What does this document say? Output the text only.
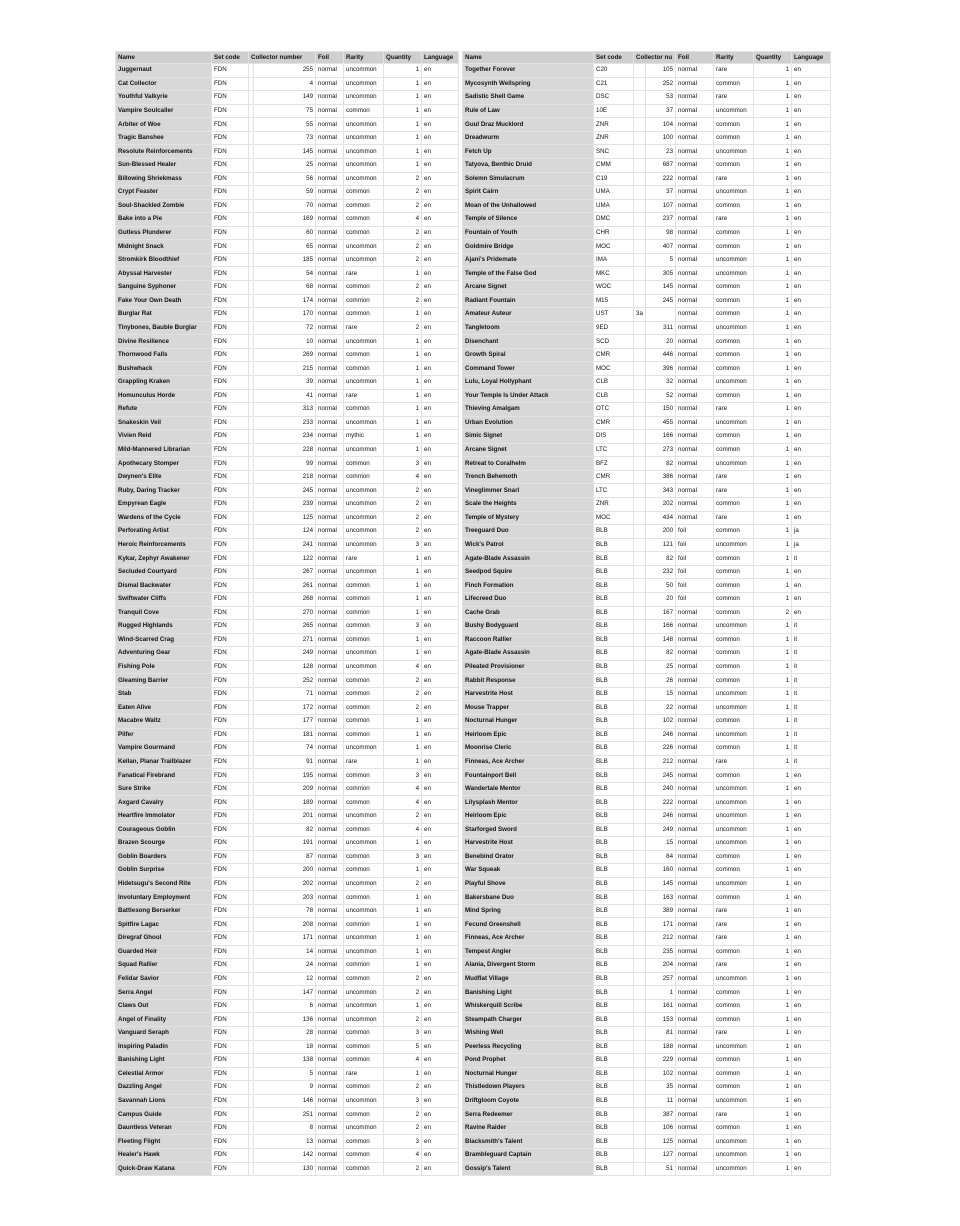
Name	Set code	Collector number		Foil	Rarity	Quantity	Language		Name	Set code	Collector nu		Foil	Rarity	Quantity	Language
Juggernaut	FDN		255	normal	uncommon	1	en		Together Forever	C20		105	normal	rare	1	en
Cat Collector	FDN		4	normal	uncommon	1	en		Mycosynth Wellspring	C21		252	normal	common	1	en
Youthful Valkyrie	FDN		149	normal	uncommon	1	en		Sadistic Shell Game	DSC		53	normal	rare	1	en
Vampire Soulcaller	FDN		75	normal	common	1	en		Rule of Law	10E		37	normal	uncommon	1	en
Arbiter of Woe	FDN		55	normal	uncommon	1	en		Guul Draz Mucklord	ZNR		104	normal	common	1	en
Tragic Banshee	FDN		73	normal	uncommon	1	en		Dreadwurm	ZNR		100	normal	common	1	en
Resolute Reinforcements	FDN		145	normal	uncommon	1	en		Fetch Up	SNC		23	normal	uncommon	1	en
Sun-Blessed Healer	FDN		25	normal	uncommon	1	en		Tatyova, Benthic Druid	CMM		687	normal	common	1	en
Billowing Shriekmass	FDN		56	normal	uncommon	2	en		Solemn Simulacrum	C19		222	normal	rare	1	en
Crypt Feaster	FDN		59	normal	common	2	en		Spirit Cairn	UMA		37	normal	uncommon	1	en
Soul-Shackled Zombie	FDN		70	normal	common	2	en		Moan of the Unhallowed	UMA		107	normal	common	1	en
Bake into a Pie	FDN		169	normal	common	4	en		Temple of Silence	DMC		237	normal	rare	1	en
Gutless Plunderer	FDN		60	normal	common	2	en		Fountain of Youth	CHR		98	normal	common	1	en
Midnight Snack	FDN		65	normal	uncommon	2	en		Goldmire Bridge	MOC		407	normal	common	1	en
Stromkirk Bloodthief	FDN		185	normal	uncommon	2	en		Ajani's Pridemate	IMA		5	normal	uncommon	1	en
Abyssal Harvester	FDN		54	normal	rare	1	en		Temple of the False God	MKC		305	normal	uncommon	1	en
Sanguine Syphoner	FDN		68	normal	common	2	en		Arcane Signet	WOC		145	normal	common	1	en
Fake Your Own Death	FDN		174	normal	common	2	en		Radiant Fountain	M15		245	normal	common	1	en
Burglar Rat	FDN		170	normal	common	1	en		Amateur Auteur	UST	3a		normal	common	1	en
Tinybones, Bauble Burglar	FDN		72	normal	rare	2	en		Tangletoom	9ED		311	normal	uncommon	1	en
Divine Resilience	FDN		10	normal	uncommon	1	en		Disenchant	SCD		20	normal	common	1	en
Thornwood Falls	FDN		269	normal	common	1	en		Growth Spiral	CMR		446	normal	common	1	en
Bushwhack	FDN		215	normal	common	1	en		Command Tower	MOC		396	normal	common	1	en
Grappling Kraken	FDN		39	normal	uncommon	1	en		Lulu, Loyal Hollyphant	CLB		32	normal	uncommon	1	en
Homunculus Horde	FDN		41	normal	rare	1	en		Your Temple Is Under Attack	CLB		52	normal	common	1	en
Refute	FDN		313	normal	common	1	en		Thieving Amalgam	OTC		150	normal	rare	1	en
Snakeskin Veil	FDN		233	normal	uncommon	1	en		Urban Evolution	CMR		455	normal	uncommon	1	en
Vivien Reid	FDN		234	normal	mythic	1	en		Simic Signet	DIS		166	normal	common	1	en
Mild-Mannered Librarian	FDN		228	normal	uncommon	1	en		Arcane Signet	LTC		273	normal	common	1	en
Apothecary Stomper	FDN		99	normal	common	3	en		Retreat to Coralhelm	BFZ		82	normal	uncommon	1	en
Dwynen's Elite	FDN		218	normal	common	4	en		Trench Behemoth	CMR		386	normal	rare	1	en
Ruby, Daring Tracker	FDN		245	normal	uncommon	2	en		Vineglimmer Snarl	LTC		343	normal	rare	1	en
Empyrean Eagle	FDN		239	normal	uncommon	2	en		Scale the Heights	ZNR		202	normal	common	1	en
Wardens of the Cycle	FDN		125	normal	uncommon	2	en		Temple of Mystery	MOC		434	normal	rare	1	en
Perforating Artist	FDN		124	normal	uncommon	2	en		Treeguard Duo	BLB		200	foil	common	1	ja
Heroic Reinforcements	FDN		241	normal	uncommon	3	en		Wick's Patrol	BLB		121	foil	uncommon	1	ja
Kykar, Zephyr Awakener	FDN		122	normal	rare	1	en		Agate-Blade Assassin	BLB		82	foil	common	1	it
Secluded Courtyard	FDN		267	normal	uncommon	1	en		Seedpod Squire	BLB		232	foil	common	1	en
Dismal Backwater	FDN		261	normal	common	1	en		Finch Formation	BLB		50	foil	common	1	en
Swiftwater Cliffs	FDN		268	normal	common	1	en		Lifecreed Duo	BLB		20	foil	common	1	en
Tranquil Cove	FDN		270	normal	common	1	en		Cache Grab	BLB		167	normal	common	2	en
Rugged Highlands	FDN		265	normal	common	3	en		Bushy Bodyguard	BLB		166	normal	uncommon	1	it
Wind-Scarred Crag	FDN		271	normal	common	1	en		Raccoon Rallier	BLB		148	normal	common	1	it
Adventuring Gear	FDN		249	normal	uncommon	1	en		Agate-Blade Assassin	BLB		82	normal	common	1	it
Fishing Pole	FDN		128	normal	uncommon	4	en		Pileated Provisioner	BLB		25	normal	common	1	it
Gleaming Barrier	FDN		252	normal	common	2	en		Rabbit Response	BLB		26	normal	common	1	it
Stab	FDN		71	normal	common	2	en		Harvestrite Host	BLB		15	normal	uncommon	1	it
Eaten Alive	FDN		172	normal	common	2	en		Mouse Trapper	BLB		22	normal	uncommon	1	it
Macabre Waltz	FDN		177	normal	common	1	en		Nocturnal Hunger	BLB		102	normal	common	1	it
Pilfer	FDN		181	normal	common	1	en		Heirloom Epic	BLB		246	normal	uncommon	1	it
Vampire Gourmand	FDN		74	normal	uncommon	1	en		Moonrise Cleric	BLB		226	normal	common	1	it
Kellan, Planar Trailblazer	FDN		91	normal	rare	1	en		Finneas, Ace Archer	BLB		212	normal	rare	1	it
Fanatical Firebrand	FDN		195	normal	common	3	en		Fountainport Bell	BLB		245	normal	common	1	en
Sure Strike	FDN		209	normal	common	4	en		Wandertale Mentor	BLB		240	normal	uncommon	1	en
Axgard Cavalry	FDN		189	normal	common	4	en		Lilysplash Mentor	BLB		222	normal	uncommon	1	en
Heartfire Immolator	FDN		201	normal	uncommon	2	en		Heirloom Epic	BLB		246	normal	uncommon	1	en
Courageous Goblin	FDN		82	normal	common	4	en		Starforged Sword	BLB		249	normal	uncommon	1	en
Brazen Scourge	FDN		191	normal	uncommon	1	en		Harvestrite Host	BLB		15	normal	uncommon	1	en
Goblin Boarders	FDN		87	normal	common	3	en		Benebind Orator	BLB		84	normal	common	1	en
Goblin Surprise	FDN		200	normal	common	1	en		War Squeak	BLB		160	normal	common	1	en
Hidetsugu's Second Rite	FDN		202	normal	uncommon	2	en		Playful Shove	BLB		145	normal	uncommon	1	en
Involuntary Employment	FDN		203	normal	common	1	en		Bakersbane Duo	BLB		163	normal	common	1	en
Battlesong Berserker	FDN		78	normal	uncommon	1	en		Mind Spring	BLB		389	normal	rare	1	en
Spitfire Lagac	FDN		208	normal	common	1	en		Fecund Greenshell	BLB		171	normal	rare	1	en
Diregraf Ghoul	FDN		171	normal	uncommon	1	en		Finneas, Ace Archer	BLB		212	normal	rare	1	en
Guarded Heir	FDN		14	normal	uncommon	1	en		Tempest Angler	BLB		235	normal	common	1	en
Squad Rallier	FDN		24	normal	common	1	en		Alania, Divergent Storm	BLB		204	normal	rare	1	en
Felidar Savior	FDN		12	normal	common	2	en		Mudflat Village	BLB		257	normal	uncommon	1	en
Serra Angel	FDN		147	normal	uncommon	2	en		Banishing Light	BLB		1	normal	common	1	en
Claws Out	FDN		6	normal	uncommon	1	en		Whiskerquill Scribe	BLB		161	normal	common	1	en
Angel of Finality	FDN		136	normal	uncommon	2	en		Steampath Charger	BLB		153	normal	common	1	en
Vanguard Seraph	FDN		28	normal	common	3	en		Wishing Well	BLB		81	normal	rare	1	en
Inspiring Paladin	FDN		18	normal	common	5	en		Peerless Recycling	BLB		188	normal	uncommon	1	en
Banishing Light	FDN		138	normal	common	4	en		Pond Prophet	BLB		229	normal	common	1	en
Celestial Armor	FDN		5	normal	rare	1	en		Nocturnal Hunger	BLB		102	normal	common	1	en
Dazzling Angel	FDN		9	normal	common	2	en		Thistledown Players	BLB		35	normal	common	1	en
Savannah Lions	FDN		146	normal	uncommon	3	en		Driftgloom Coyote	BLB		11	normal	uncommon	1	en
Campus Guide	FDN		251	normal	common	2	en		Serra Redeemer	BLB		387	normal	rare	1	en
Dauntless Veteran	FDN		8	normal	uncommon	2	en		Ravine Raider	BLB		106	normal	common	1	en
Fleeting Flight	FDN		13	normal	common	3	en		Blacksmith's Talent	BLB		125	normal	uncommon	1	en
Healer's Hawk	FDN		142	normal	common	4	en		Brambleguard Captain	BLB		127	normal	uncommon	1	en
Quick-Draw Katana	FDN		130	normal	common	2	en		Gossip's Talent	BLB		51	normal	uncommon	1	en
